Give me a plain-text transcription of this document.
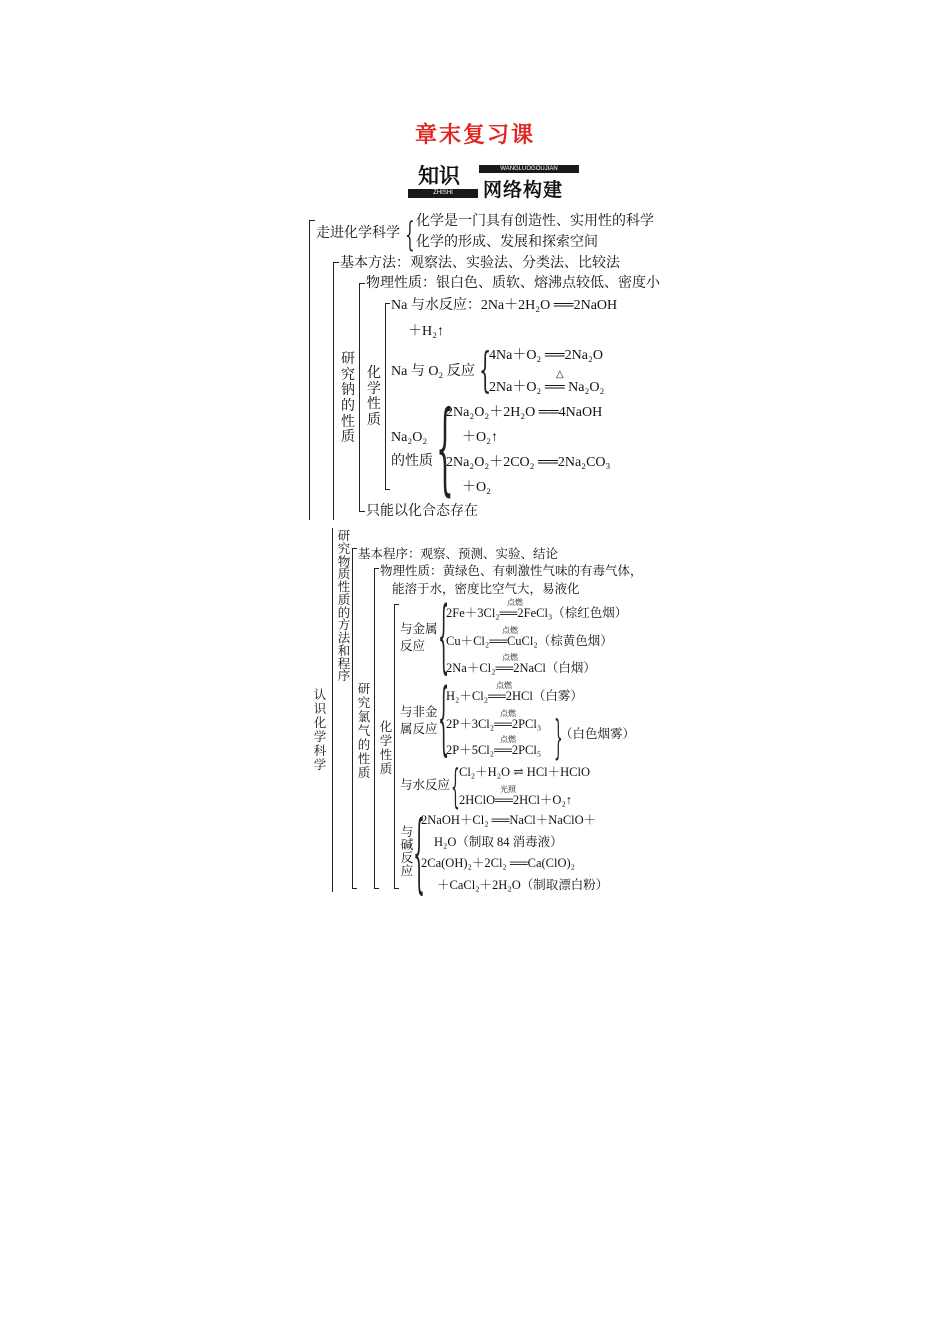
章末复习课
知识
ZHISHI
WANGLUOGOUJIAN
网络构建
走进化学科学 { 化学是一门具有创造性、实用性的科学
化学的形成、发展和探索空间
基本方法：观察法、实验法、分类法、比较法
研究钠的性质
物理性质：银白色、质软、熔沸点较低、密度小
化学性质
Na 与水反应：2Na＋2H₂O ══2NaOH
＋H₂↑
Na 与 O₂ 反应 {
4Na＋O₂ ══2Na₂O
△
2Na＋O₂ ══ Na₂O₂
Na₂O₂
的性质 {
2Na₂O₂＋2H₂O ══4NaOH
＋O₂↑
2Na₂O₂＋2CO₂ ══2Na₂CO₃
＋O₂
只能以化合态存在
认识化学科学
研究物质性质的方法和程序
基本程序：观察、预测、实验、结论
研究氯气的性质
物理性质：黄绿色、有刺激性气味的有毒气体，
能溶于水，密度比空气大，易液化
化学性质
与金属
反应 {	点燃
2Fe＋3Cl₂══2FeCl₃（棕红色烟）
点燃
Cu＋Cl₂══CuCl₂（棕黄色烟）
点燃
2Na＋Cl₂══2NaCl（白烟）
与非金
属反应 {	点燃
H₂＋Cl₂══2HCl（白雾）
点燃
2P＋3Cl₂══2PCl₃
点燃
2P＋5Cl₂══2PCl₅ }
（白色烟雾）
与水反应 { Cl₂＋H₂O ⇌ HCl＋HClO
光照
2HClO══2HCl＋O₂↑
与碱反应 {
2NaOH＋Cl₂ ══NaCl＋NaClO＋
H₂O（制取 84 消毒液）
2Ca(OH)₂＋2Cl₂ ══Ca(ClO)₂
＋CaCl₂＋2H₂O（制取漂白粉）
